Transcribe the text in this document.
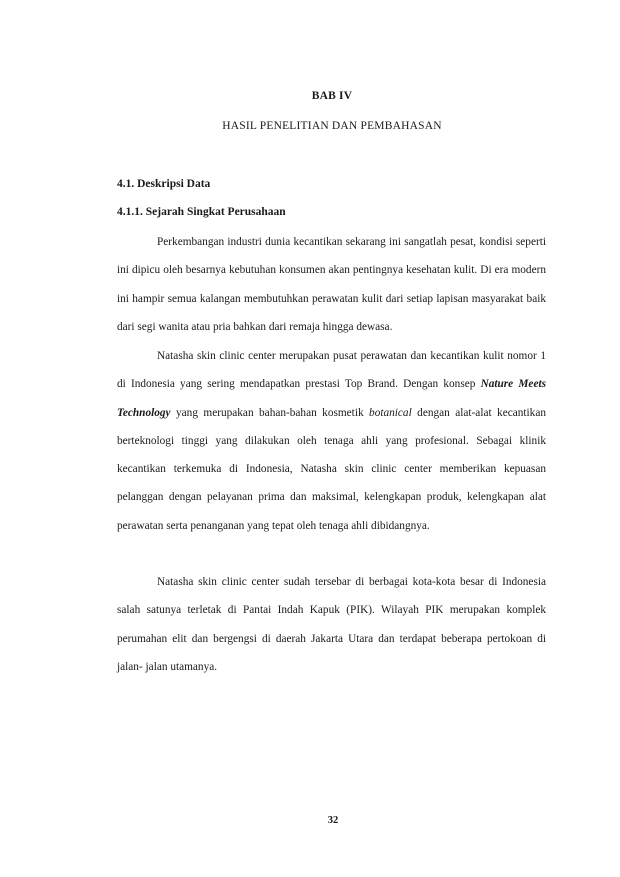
BAB IV
HASIL PENELITIAN DAN PEMBAHASAN
4.1. Deskripsi Data
4.1.1. Sejarah Singkat Perusahaan

Perkembangan industri dunia kecantikan sekarang ini sangatlah pesat, kondisi seperti ini dipicu oleh besarnya kebutuhan konsumen akan pentingnya kesehatan kulit. Di era modern ini hampir semua kalangan membutuhkan perawatan kulit dari setiap lapisan masyarakat baik dari segi wanita atau pria bahkan dari remaja hingga dewasa.

Natasha skin clinic center merupakan pusat perawatan dan kecantikan kulit nomor 1 di Indonesia yang sering mendapatkan prestasi Top Brand. Dengan konsep Nature Meets Technology yang merupakan bahan-bahan kosmetik botanical dengan alat-alat kecantikan berteknologi tinggi yang dilakukan oleh tenaga ahli yang profesional. Sebagai klinik kecantikan terkemuka di Indonesia, Natasha skin clinic center memberikan kepuasan pelanggan dengan pelayanan prima dan maksimal, kelengkapan produk, kelengkapan alat perawatan serta penanganan yang tepat oleh tenaga ahli dibidangnya.

Natasha skin clinic center sudah tersebar di berbagai kota-kota besar di Indonesia salah satunya terletak di Pantai Indah Kapuk (PIK). Wilayah PIK merupakan komplek perumahan elit dan bergengsi di daerah Jakarta Utara dan terdapat beberapa pertokoan di jalan- jalan utamanya.

32
